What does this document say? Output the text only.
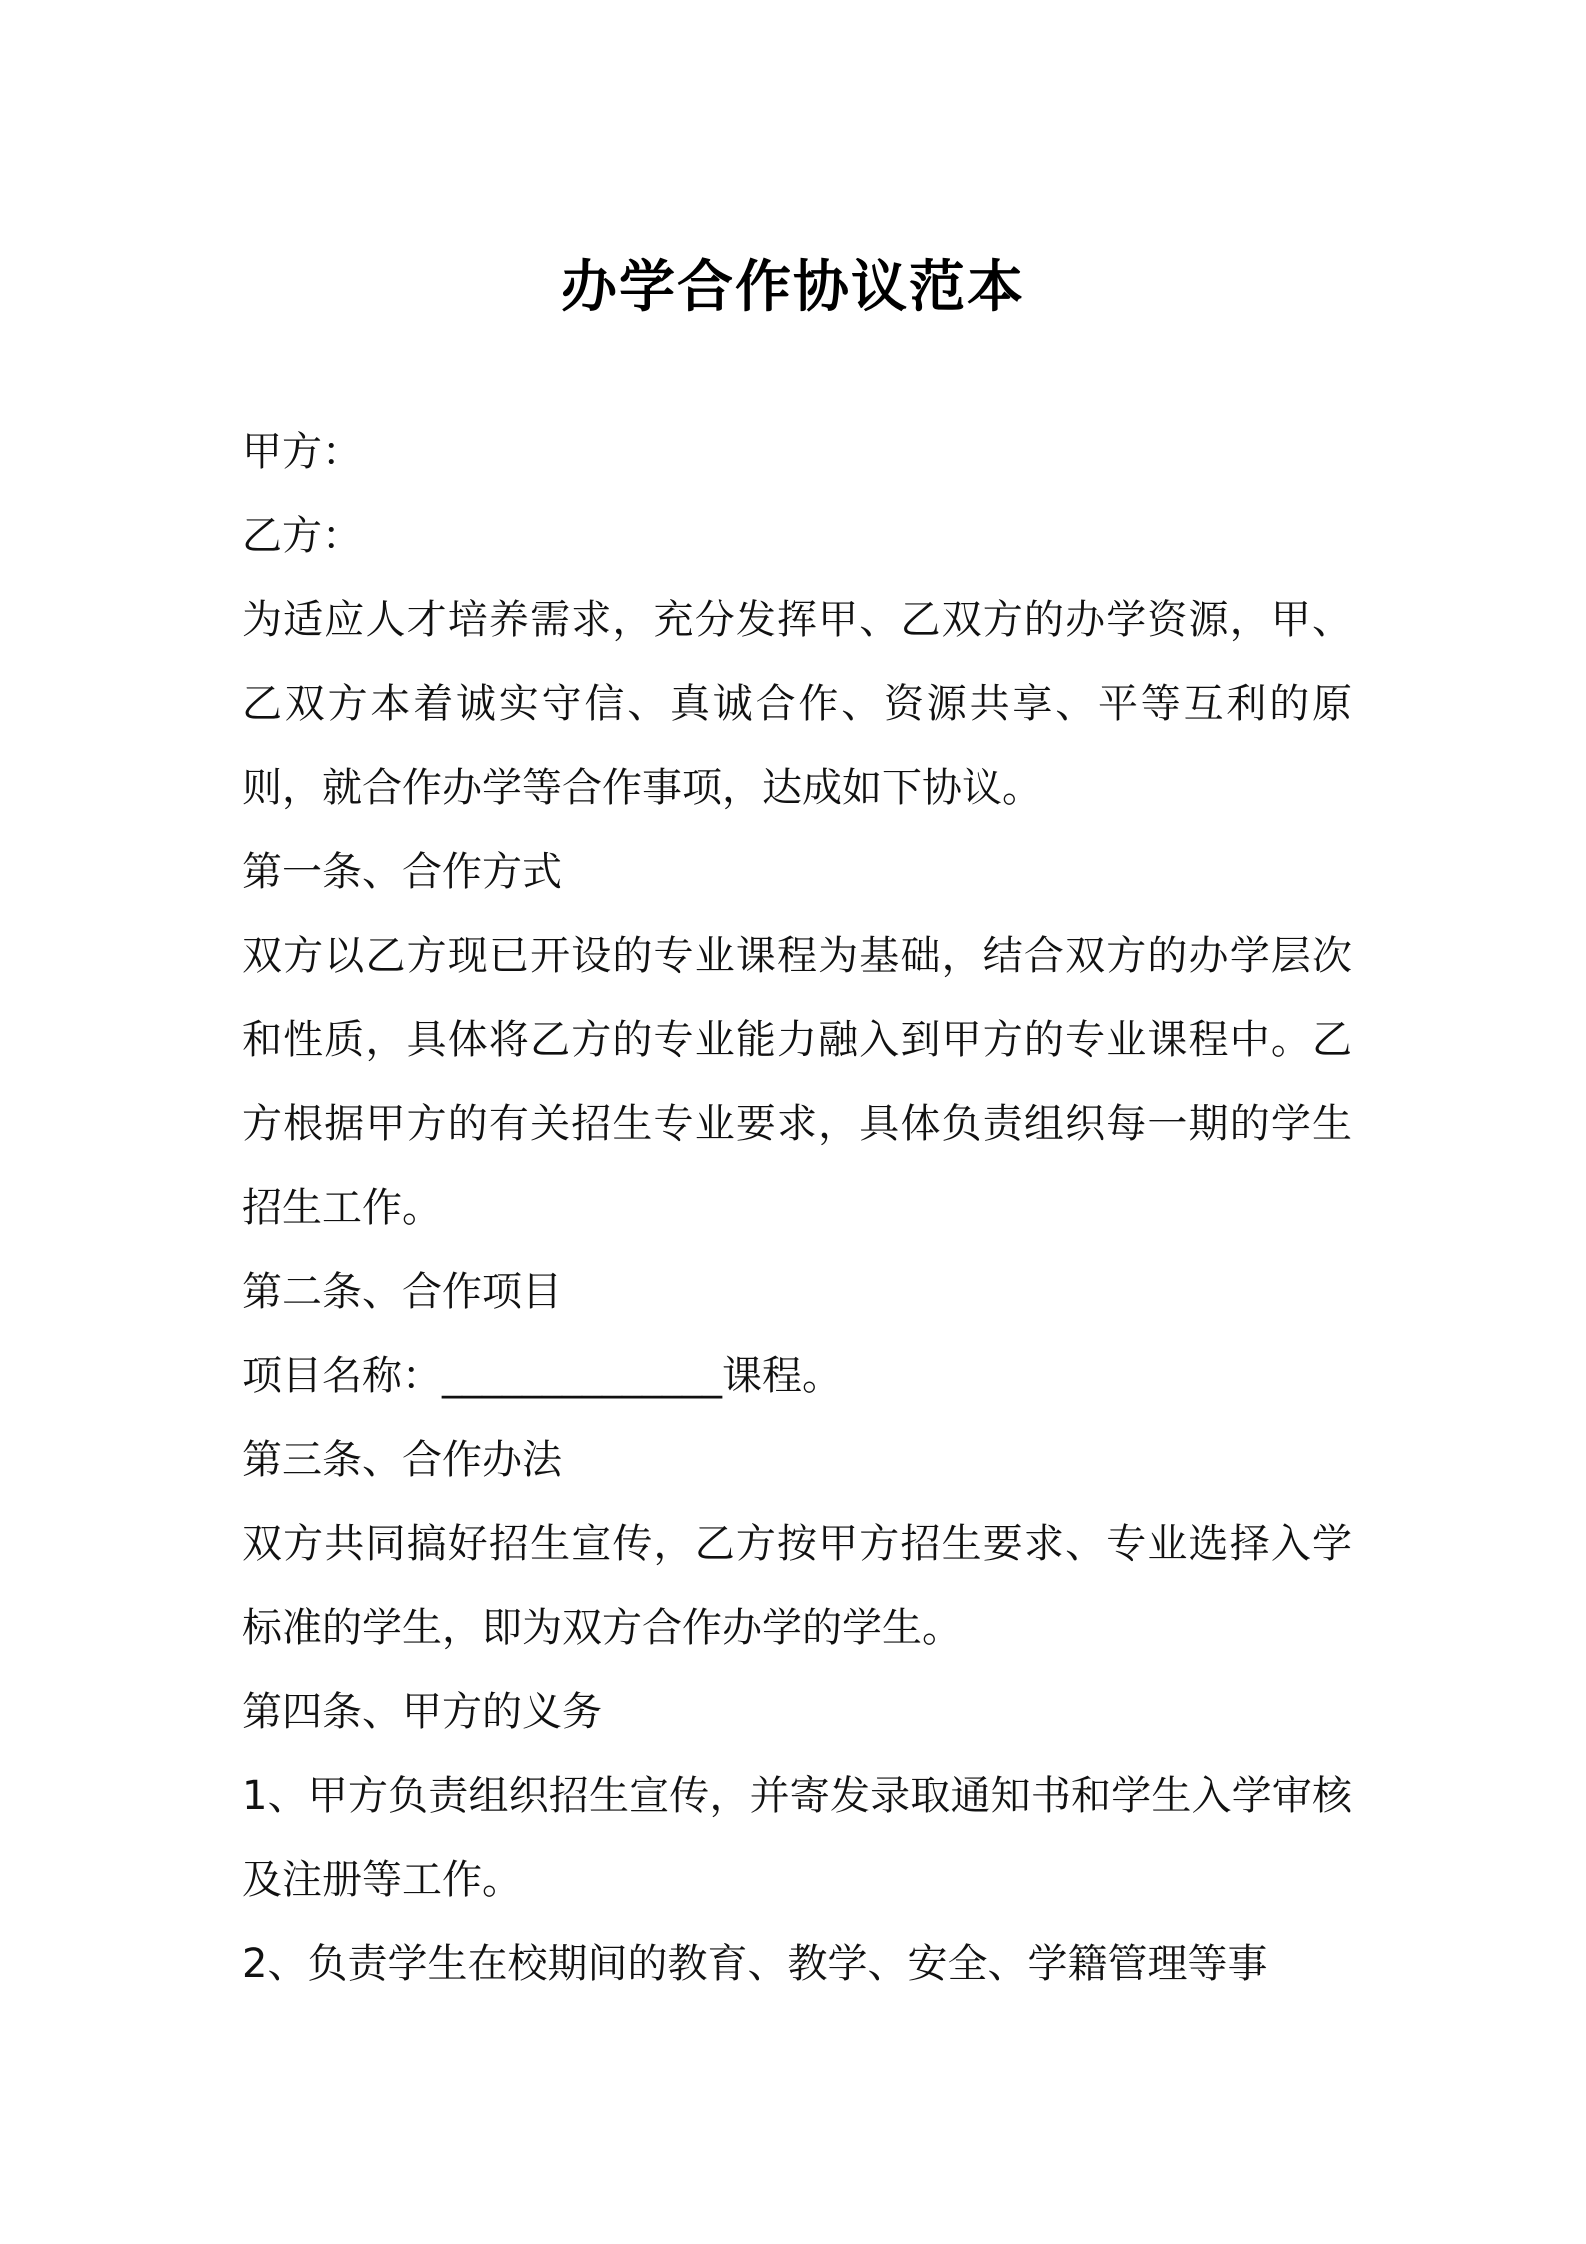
办学合作协议范本

甲方：

乙方：

为适应人才培养需求，充分发挥甲、乙双方的办学资源，甲、乙双方本着诚实守信、真诚合作、资源共享、平等互利的原则，就合作办学等合作事项，达成如下协议。

第一条、合作方式

双方以乙方现已开设的专业课程为基础，结合双方的办学层次和性质，具体将乙方的专业能力融入到甲方的专业课程中。乙方根据甲方的有关招生专业要求，具体负责组织每一期的学生招生工作。

第二条、合作项目

项目名称：______________课程。

第三条、合作办法

双方共同搞好招生宣传，乙方按甲方招生要求、专业选择入学标准的学生，即为双方合作办学的学生。

第四条、甲方的义务

1、甲方负责组织招生宣传，并寄发录取通知书和学生入学审核及注册等工作。

2、负责学生在校期间的教育、教学、安全、学籍管理等事
